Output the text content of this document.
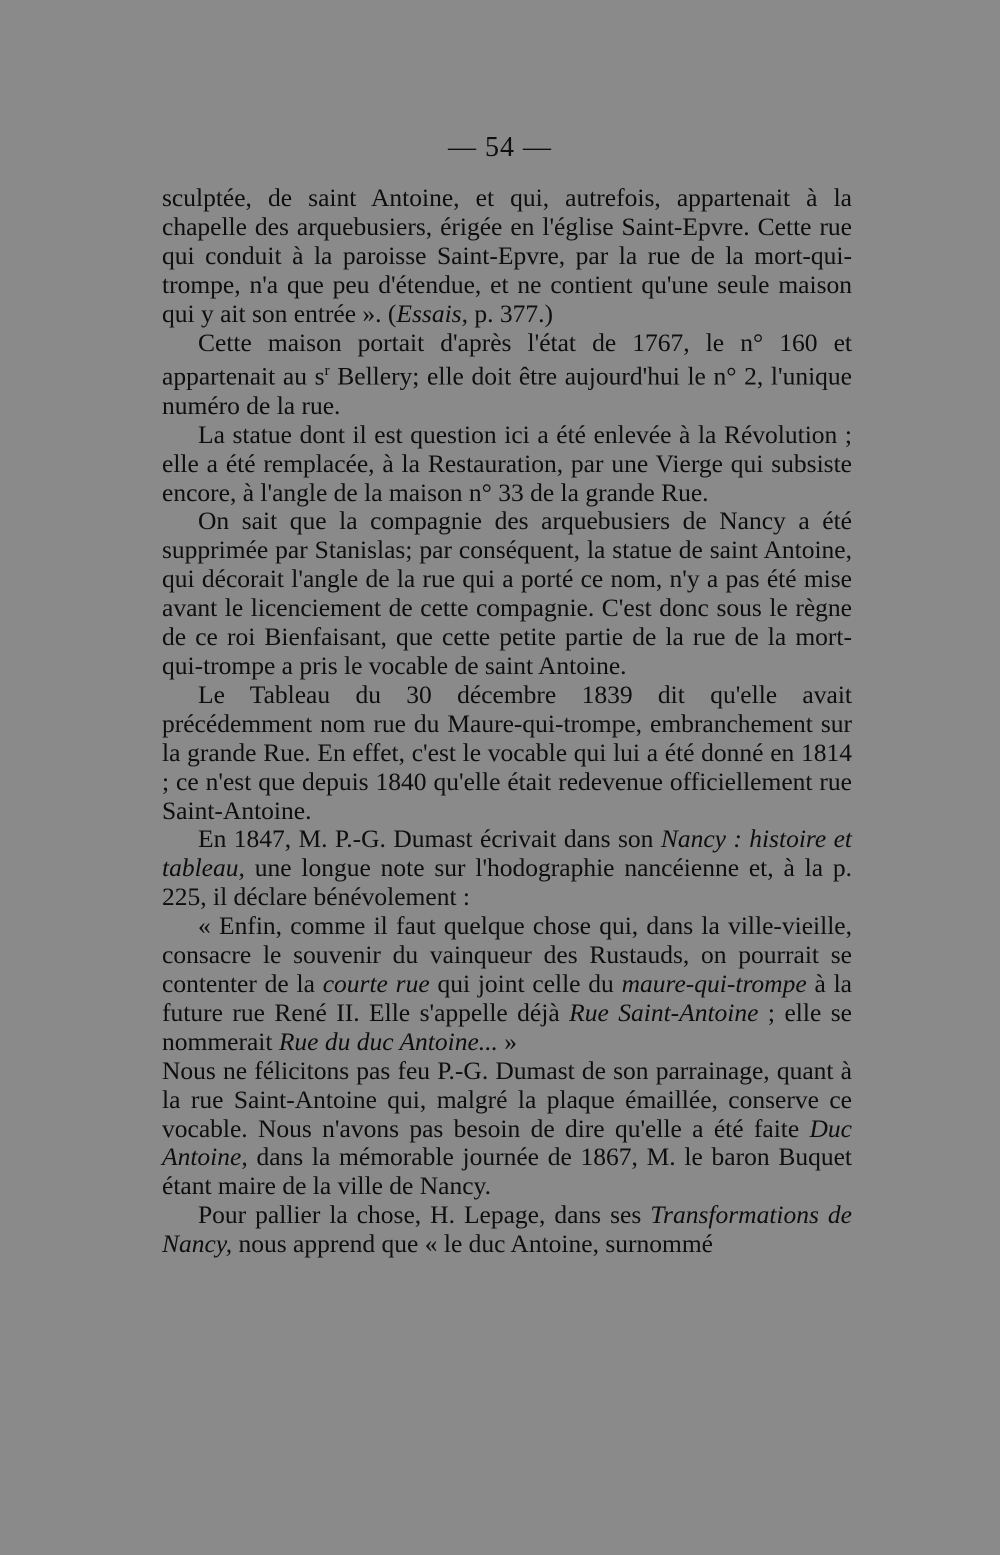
— 54 —

sculptée, de saint Antoine, et qui, autrefois, appartenait à la chapelle des arquebusiers, érigée en l'église Saint-Epvre. Cette rue qui conduit à la paroisse Saint-Epvre, par la rue de la mort-qui-trompe, n'a que peu d'étendue, et ne contient qu'une seule maison qui y ait son entrée ». (Essais, p. 377.)

Cette maison portait d'après l'état de 1767, le n° 160 et appartenait au $s^r$ Bellery; elle doit être aujourd'hui le n° 2, l'unique numéro de la rue.

La statue dont il est question ici a été enlevée à la Révolution ; elle a été remplacée, à la Restauration, par une Vierge qui subsiste encore, à l'angle de la maison n° 33 de la grande Rue.

On sait que la compagnie des arquebusiers de Nancy a été supprimée par Stanislas; par conséquent, la statue de saint Antoine, qui décorait l'angle de la rue qui a porté ce nom, n'y a pas été mise avant le licenciement de cette compagnie. C'est donc sous le règne de ce roi Bienfaisant, que cette petite partie de la rue de la mort-qui-trompe a pris le vocable de saint Antoine.

Le Tableau du 30 décembre 1839 dit qu'elle avait précédemment nom rue du Maure-qui-trompe, embranchement sur la grande Rue. En effet, c'est le vocable qui lui a été donné en 1814 ; ce n'est que depuis 1840 qu'elle était redevenue officiellement rue Saint-Antoine.

En 1847, M. P.-G. Dumast écrivait dans son Nancy : histoire et tableau, une longue note sur l'hodographie nancéienne et, à la p. 225, il déclare bénévolement :

« Enfin, comme il faut quelque chose qui, dans la ville-vieille, consacre le souvenir du vainqueur des Rustauds, on pourrait se contenter de la courte rue qui joint celle du maure-qui-trompe à la future rue René II. Elle s'appelle déjà Rue Saint-Antoine ; elle se nommerait Rue du duc Antoine... »

Nous ne félicitons pas feu P.-G. Dumast de son parrainage, quant à la rue Saint-Antoine qui, malgré la plaque émaillée, conserve ce vocable. Nous n'avons pas besoin de dire qu'elle a été faite Duc Antoine, dans la mémorable journée de 1867, M. le baron Buquet étant maire de la ville de Nancy.

Pour pallier la chose, H. Lepage, dans ses Transformations de Nancy, nous apprend que « le duc Antoine, surnommé
